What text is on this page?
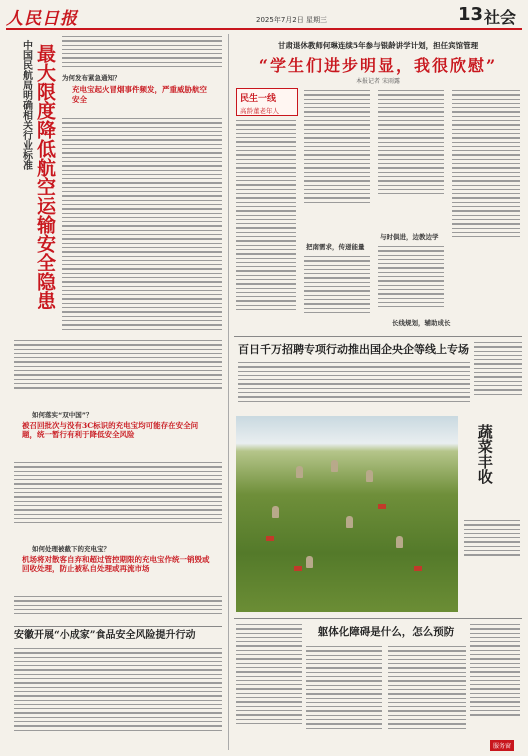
人民日报	2025年7月2日 星期三	13 社会
中国民航局明确相关行业标准 最大限度降低航空运输安全隐患 为何发布紧急通知？
充电宝起火冒烟事件频发，严重威胁航空安全
如何落实“双中国”？
被召回批次与没有3C标识的充电宝均可能存在安全问题，统一暂行有利于降低安全风险
如何处理被截下的充电宝？
机场将对散客自弃和超过管控期限的充电宝作统一销毁或回收处理，防止被私自处理或再流市场
安徽开展“小成家”食品安全风险提升行动
甘肃退休教师何琳连续5年参与银龄讲学计划，担任宾馆管理
“学生们进步明显，我很欣慰”
本报记者 宋雨露
民生一线
高龄董老年人
把南需求，传递能量
与时俱进，边教边学
长线规划，辅助成长
百日千万招聘专项行动推出国企央企等线上专场
蔬菜丰收
躯体化障碍是什么，怎么预防
服务窗
